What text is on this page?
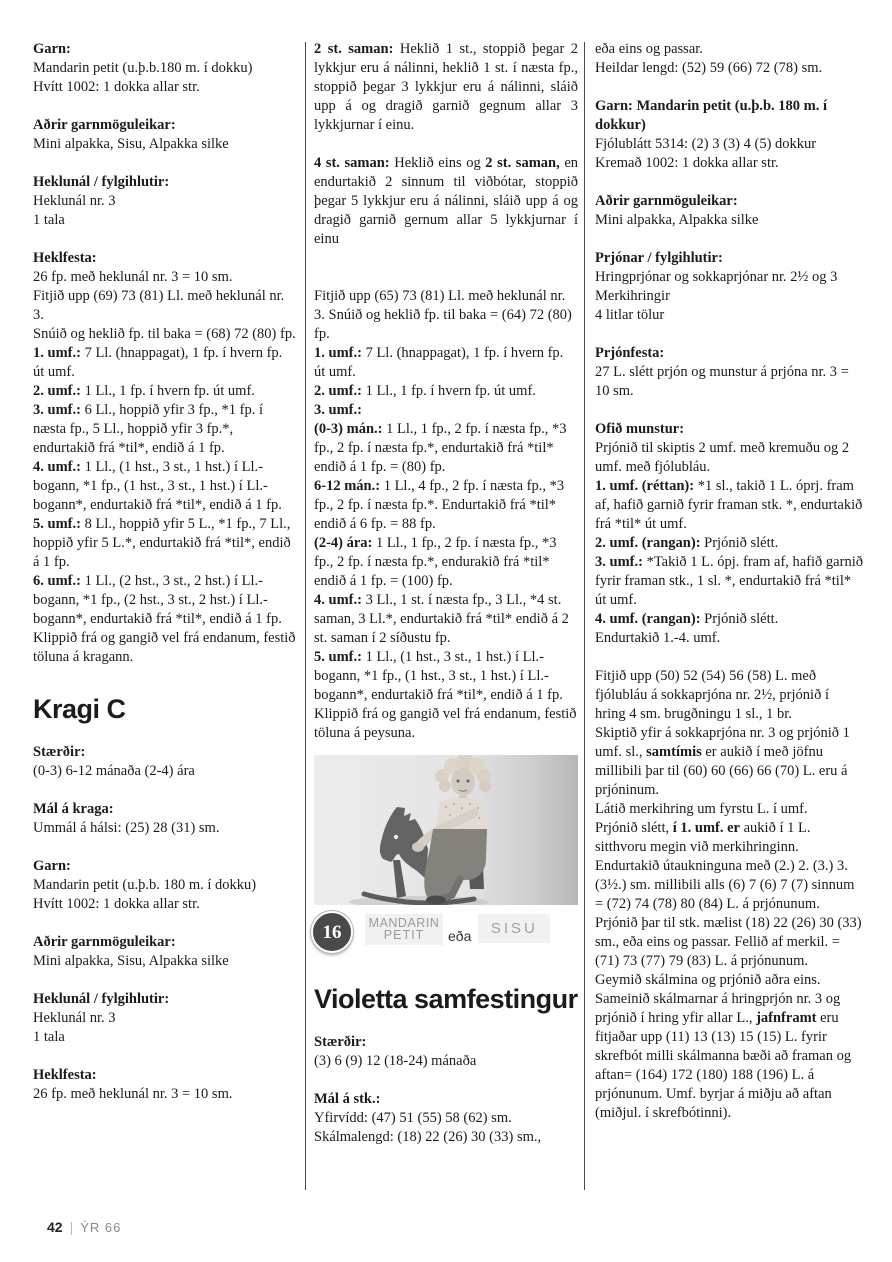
Garn:

Mandarin petit (u.þ.b.180 m. í dokku)

Hvítt 1002: 1 dokka allar str.

Aðrir garnmöguleikar:

Mini alpakka, Sisu, Alpakka silke

Heklunál / fylgihlutir:

Heklunál nr. 3

1 tala

Heklfesta:

26 fp. með heklunál nr. 3 = 10 sm.

Fitjið upp (69) 73 (81) Ll. með heklunál nr. 3.

Snúið og heklið fp. til baka = (68) 72 (80) fp.

1. umf.: 7 Ll. (hnappagat), 1 fp. í hvern fp. út umf.

2. umf.: 1 Ll., 1 fp. í hvern fp. út umf.

3. umf.: 6 Ll., hoppið yfir 3 fp., *1 fp. í næsta fp., 5 Ll., hoppið yfir 3 fp.*, endurtakið frá *til*, endið á 1 fp.

4. umf.: 1 Ll., (1 hst., 3 st., 1 hst.) í Ll.-bogann, *1 fp., (1 hst., 3 st., 1 hst.) í Ll.-bogann*, endurtakið frá *til*, endið á 1 fp.

5. umf.: 8 Ll., hoppið yfir 5 L., *1 fp., 7 Ll., hoppið yfir 5 L.*, endurtakið frá *til*, endið á 1 fp.

6. umf.: 1 Ll., (2 hst., 3 st., 2 hst.) í Ll.-bogann, *1 fp., (2 hst., 3 st., 2 hst.) í Ll.-bogann*, endurtakið frá *til*, endið á 1 fp.

Klippið frá og gangið vel frá endanum, festið töluna á kragann.

Kragi C
Stærðir:

(0-3) 6-12 mánaða (2-4) ára

Mál á kraga:

Ummál á hálsi: (25) 28 (31) sm.

Garn:

Mandarin petit (u.þ.b. 180 m. í dokku)

Hvítt 1002: 1 dokka allar str.

Aðrir garnmöguleikar:

Mini alpakka, Sisu, Alpakka silke

Heklunál / fylgihlutir:

Heklunál nr. 3

1 tala

Heklfesta:

26 fp. með heklunál nr. 3 = 10 sm.

2 st. saman: Heklið 1 st., stoppið þegar 2 lykkjur eru á nálinni, heklið 1 st. í næsta fp., stoppið þegar 3 lykkjur eru á nálinni, sláið upp á og dragið garnið gegnum allar 3 lykkjurnar í einu.

4 st. saman: Heklið eins og 2 st. saman, en endurtakið 2 sinnum til viðbótar, stoppið þegar 5 lykkjur eru á nálinni, sláið upp á og dragið garnið gernum allar 5 lykkjurnar í einu

Fitjið upp (65) 73 (81) Ll. með heklunál nr. 3. Snúið og heklið fp. til baka = (64) 72 (80) fp.

1. umf.: 7 Ll. (hnappagat), 1 fp. í hvern fp. út umf.

2. umf.: 1 Ll., 1 fp. í hvern fp. út umf.

3. umf.:

(0-3) mán.: 1 Ll., 1 fp., 2 fp. í næsta fp., *3 fp., 2 fp. í næsta fp.*, endurtakið frá *til* endið á 1 fp. = (80) fp.

6-12 mán.: 1 Ll., 4 fp., 2 fp. í næsta fp., *3 fp., 2 fp. í næsta fp.*. Endurtakið frá *til* endið á 6 fp. = 88 fp.

(2-4) ára: 1 Ll., 1 fp., 2 fp. í næsta fp., *3 fp., 2 fp. í næsta fp.*, endurakið frá *til* endið á 1 fp. = (100) fp.

4. umf.: 3 Ll., 1 st. í næsta fp., 3 Ll., *4 st. saman, 3 Ll.*, endurtakið frá *til* endið á 2 st. saman í 2 síðustu fp.

5. umf.: 1 Ll., (1 hst., 3 st., 1 hst.) í Ll.-bogann, *1 fp., (1 hst., 3 st., 1 hst.) í Ll.-bogann*, endurtakið frá *til*, endið á 1 fp.

Klippið frá og gangið vel frá endanum, festið töluna á peysuna.

16 MANDARIN
PETIT	eða SISU
Violetta samfestingur
Stærðir:

(3) 6 (9) 12 (18-24) mánaða

Mál á stk.:

Yfirvídd: (47) 51 (55) 58 (62) sm.

Skálmalengd: (18) 22 (26) 30 (33) sm.,

eða eins og passar.

Heildar lengd: (52) 59 (66) 72 (78) sm.

Garn: Mandarin petit (u.þ.b. 180 m. í dokkur)

Fjólublátt 5314: (2) 3 (3) 4 (5) dokkur

Kremað 1002: 1 dokka allar str.

Aðrir garnmöguleikar:

Mini alpakka, Alpakka silke

Prjónar / fylgihlutir:

Hringprjónar og sokkaprjónar nr. 2½ og 3

Merkihringir

4 litlar tölur

Prjónfesta:

27 L. slétt prjón og munstur á prjóna nr. 3 = 10 sm.

Ofið munstur:

Prjónið til skiptis 2 umf. með kremuðu og 2 umf. með fjólubláu.

1. umf. (réttan): *1 sl., takið 1 L. óprj. fram af, hafið garnið fyrir framan stk. *, endurtakið frá *til* út umf.

2. umf. (rangan): Prjónið slétt.

3. umf.: *Takið 1 L. ópj. fram af, hafið garnið fyrir framan stk., 1 sl. *, endurtakið frá *til* út umf.

4. umf. (rangan): Prjónið slétt.

Endurtakið 1.-4. umf.

Fitjið upp (50) 52 (54) 56 (58) L. með fjólubláu á sokkaprjóna nr. 2½, prjónið í hring 4 sm. brugðningu 1 sl., 1 br.

Skiptið yfir á sokkaprjóna nr. 3 og prjónið 1 umf. sl., samtímis er aukið í með jöfnu millibili þar til (60) 60 (66) 66 (70) L. eru á prjóninum.

Látið merkihring um fyrstu L. í umf.

Prjónið slétt, í 1. umf. er aukið í 1 L. sitthvoru megin við merkihringinn. Endurtakið útaukninguna með (2.) 2. (3.) 3. (3½.) sm. millibili alls (6) 7 (6) 7 (7) sinnum = (72) 74 (78) 80 (84) L. á prjónunum. Prjónið þar til stk. mælist (18) 22 (26) 30 (33) sm., eða eins og passar. Fellið af merkil. = (71) 73 (77) 79 (83) L. á prjónunum.

Geymið skálmina og prjónið aðra eins.

Sameinið skálmarnar á hringprjón nr. 3 og prjónið í hring yfir allar L., jafnframt eru fitjaðar upp (11) 13 (13) 15 (15) L. fyrir skrefbót milli skálmanna bæði að framan og aftan= (164) 172 (180) 188 (196) L. á prjónunum. Umf. byrjar á miðju að aftan (miðjul. í skrefbótinni).

42 | ÝR 66
